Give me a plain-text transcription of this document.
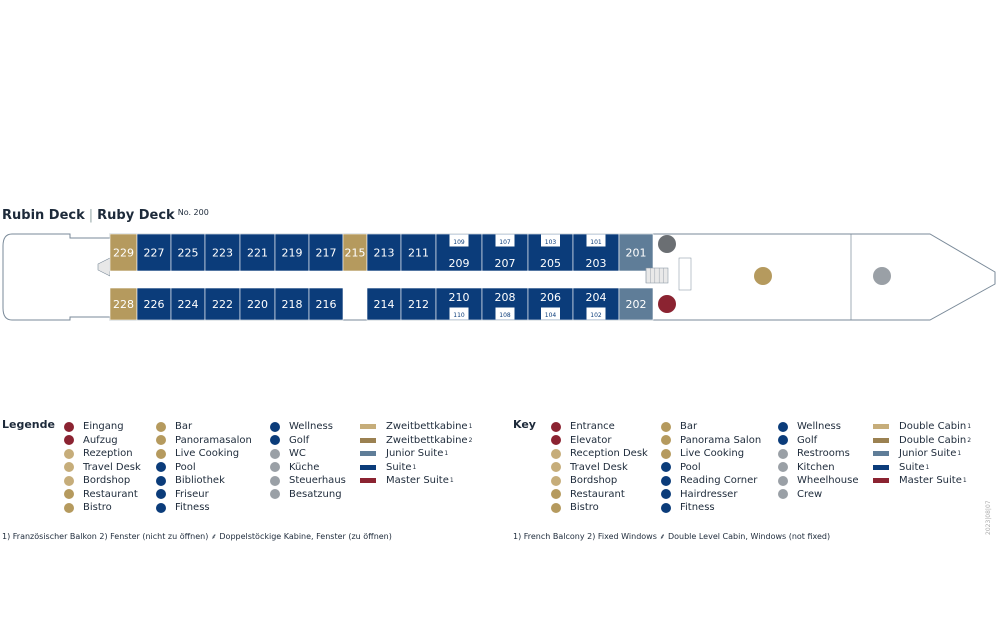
Rubin Deck | Ruby Deck $^{No. 200}$
229 227 225 223 221 219 217 215 213 211
109
209
107
207
103
205
101
203
201
228 226 224 222 220 218 216	214 212
110
210
108
208
104
206
102
204
202
Legende	Eingang
Aufzug
Rezeption
Travel Desk
Bordshop
Restaurant
Bistro
Bar
Panoramasalon
Live Cooking
Pool
Bibliothek
Friseur
Fitness
Wellness
Golf
WC
Küche
Steuerhaus
Besatzung
Zweitbettkabine 1
Zweitbettkabine 2
Junior Suite 1
Suite 1
Master Suite 1
Key	Entrance
Elevator
Reception Desk
Travel Desk
Bordshop
Restaurant
Bistro
Bar
Panorama Salon
Live Cooking
Pool
Reading Corner
Hairdresser
Fitness
Wellness
Golf
Restrooms
Kitchen
Wheelhouse
Crew
Double Cabin 1
Double Cabin 2
Junior Suite 1
Suite 1
Master Suite 1
1) Französischer Balkon 2) Fenster (nicht zu öffnen) ⸙ Doppelstöckige Kabine, Fenster (zu öffnen)	1) French Balcony 2) Fixed Windows ⸙ Double Level Cabin, Windows (not fixed)
2023|08|07
